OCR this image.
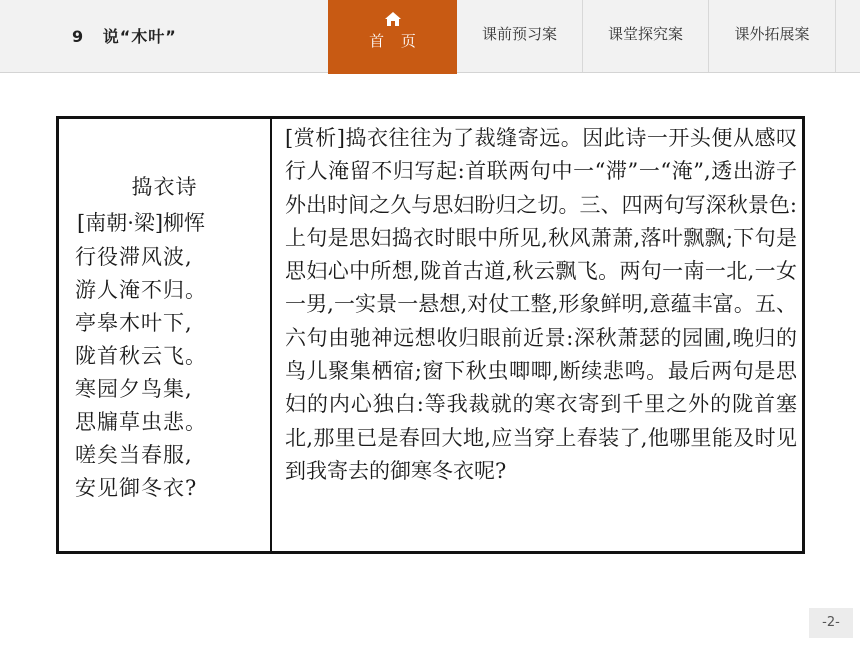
9 说“木叶”	首 页	课前预习案	课堂探究案	课外拓展案
捣衣诗
[南朝·梁]柳恽
行役滞风波,
游人淹不归。
亭皋木叶下,
陇首秋云飞。
寒园夕鸟集,
思牖草虫悲。
嗟矣当春服,
安见御冬衣?
[赏析]捣衣往往为了裁缝寄远。因此诗一开头便从感叹行人淹留不归写起:首联两句中一“滞”一“淹”,透出游子外出时间之久与思妇盼归之切。三、四两句写深秋景色:上句是思妇捣衣时眼中所见,秋风萧萧,落叶飘飘;下句是思妇心中所想,陇首古道,秋云飘飞。两句一南一北,一女一男,一实景一悬想,对仗工整,形象鲜明,意蕴丰富。五、六句由驰神远想收归眼前近景:深秋萧瑟的园圃,晚归的鸟儿聚集栖宿;窗下秋虫唧唧,断续悲鸣。最后两句是思妇的内心独白:等我裁就的寒衣寄到千里之外的陇首塞北,那里已是春回大地,应当穿上春装了,他哪里能及时见到我寄去的御寒冬衣呢?
-2-
